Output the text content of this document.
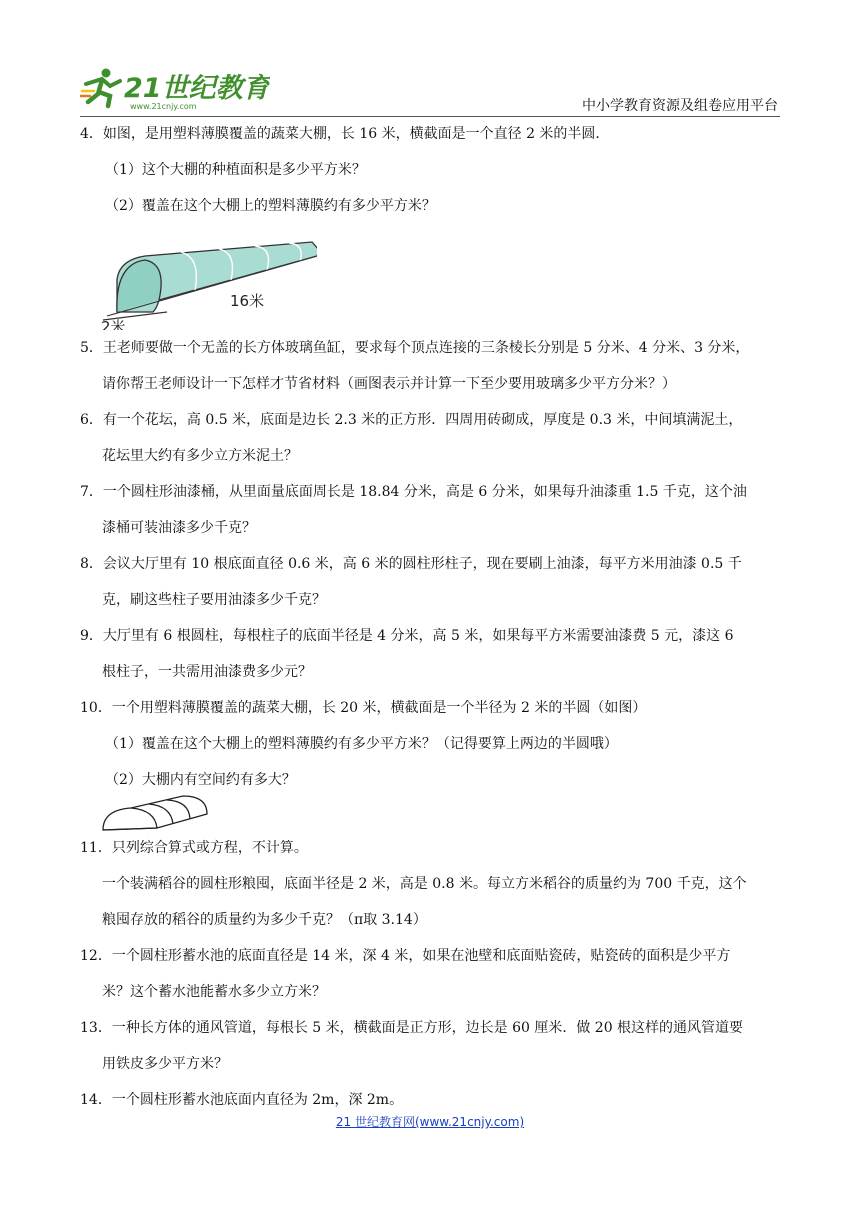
21世纪教育
www.21cnjy.com	中小学教育资源及组卷应用平台
4．如图，是用塑料薄膜覆盖的蔬菜大棚，长 16 米，横截面是一个直径 2 米的半圆．
（1）这个大棚的种植面积是多少平方米？
（2）覆盖在这个大棚上的塑料薄膜约有多少平方米？
16米
2米
5．王老师要做一个无盖的长方体玻璃鱼缸，要求每个顶点连接的三条棱长分别是 5 分米、4 分米、3 分米，
请你帮王老师设计一下怎样才节省材料（画图表示并计算一下至少要用玻璃多少平方分米？）
6．有一个花坛，高 0.5 米，底面是边长 2.3 米的正方形．四周用砖砌成，厚度是 0.3 米，中间填满泥土，
花坛里大约有多少立方米泥土？
7．一个圆柱形油漆桶，从里面量底面周长是 18.84 分米，高是 6 分米，如果每升油漆重 1.5 千克，这个油
漆桶可装油漆多少千克？
8．会议大厅里有 10 根底面直径 0.6 米，高 6 米的圆柱形柱子，现在要刷上油漆，每平方米用油漆 0.5 千
克，刷这些柱子要用油漆多少千克？
9．大厅里有 6 根圆柱，每根柱子的底面半径是 4 分米，高 5 米，如果每平方米需要油漆费 5 元，漆这 6
根柱子，一共需用油漆费多少元？
10．一个用塑料薄膜覆盖的蔬菜大棚，长 20 米，横截面是一个半径为 2 米的半圆（如图）
（1）覆盖在这个大棚上的塑料薄膜约有多少平方米？（记得要算上两边的半圆哦）
（2）大棚内有空间约有多大？
11．只列综合算式或方程，不计算。
一个装满稻谷的圆柱形粮囤，底面半径是 2 米，高是 0.8 米。每立方米稻谷的质量约为 700 千克，这个
粮囤存放的稻谷的质量约为多少千克？（π取 3.14）
12．一个圆柱形蓄水池的底面直径是 14 米，深 4 米，如果在池壁和底面贴瓷砖，贴瓷砖的面积是少平方
米？这个蓄水池能蓄水多少立方米？
13．一种长方体的通风管道，每根长 5 米，横截面是正方形，边长是 60 厘米．做 20 根这样的通风管道要
用铁皮多少平方米？
14．一个圆柱形蓄水池底面内直径为 2m，深 2m。
21 世纪教育网(www.21cnjy.com)
